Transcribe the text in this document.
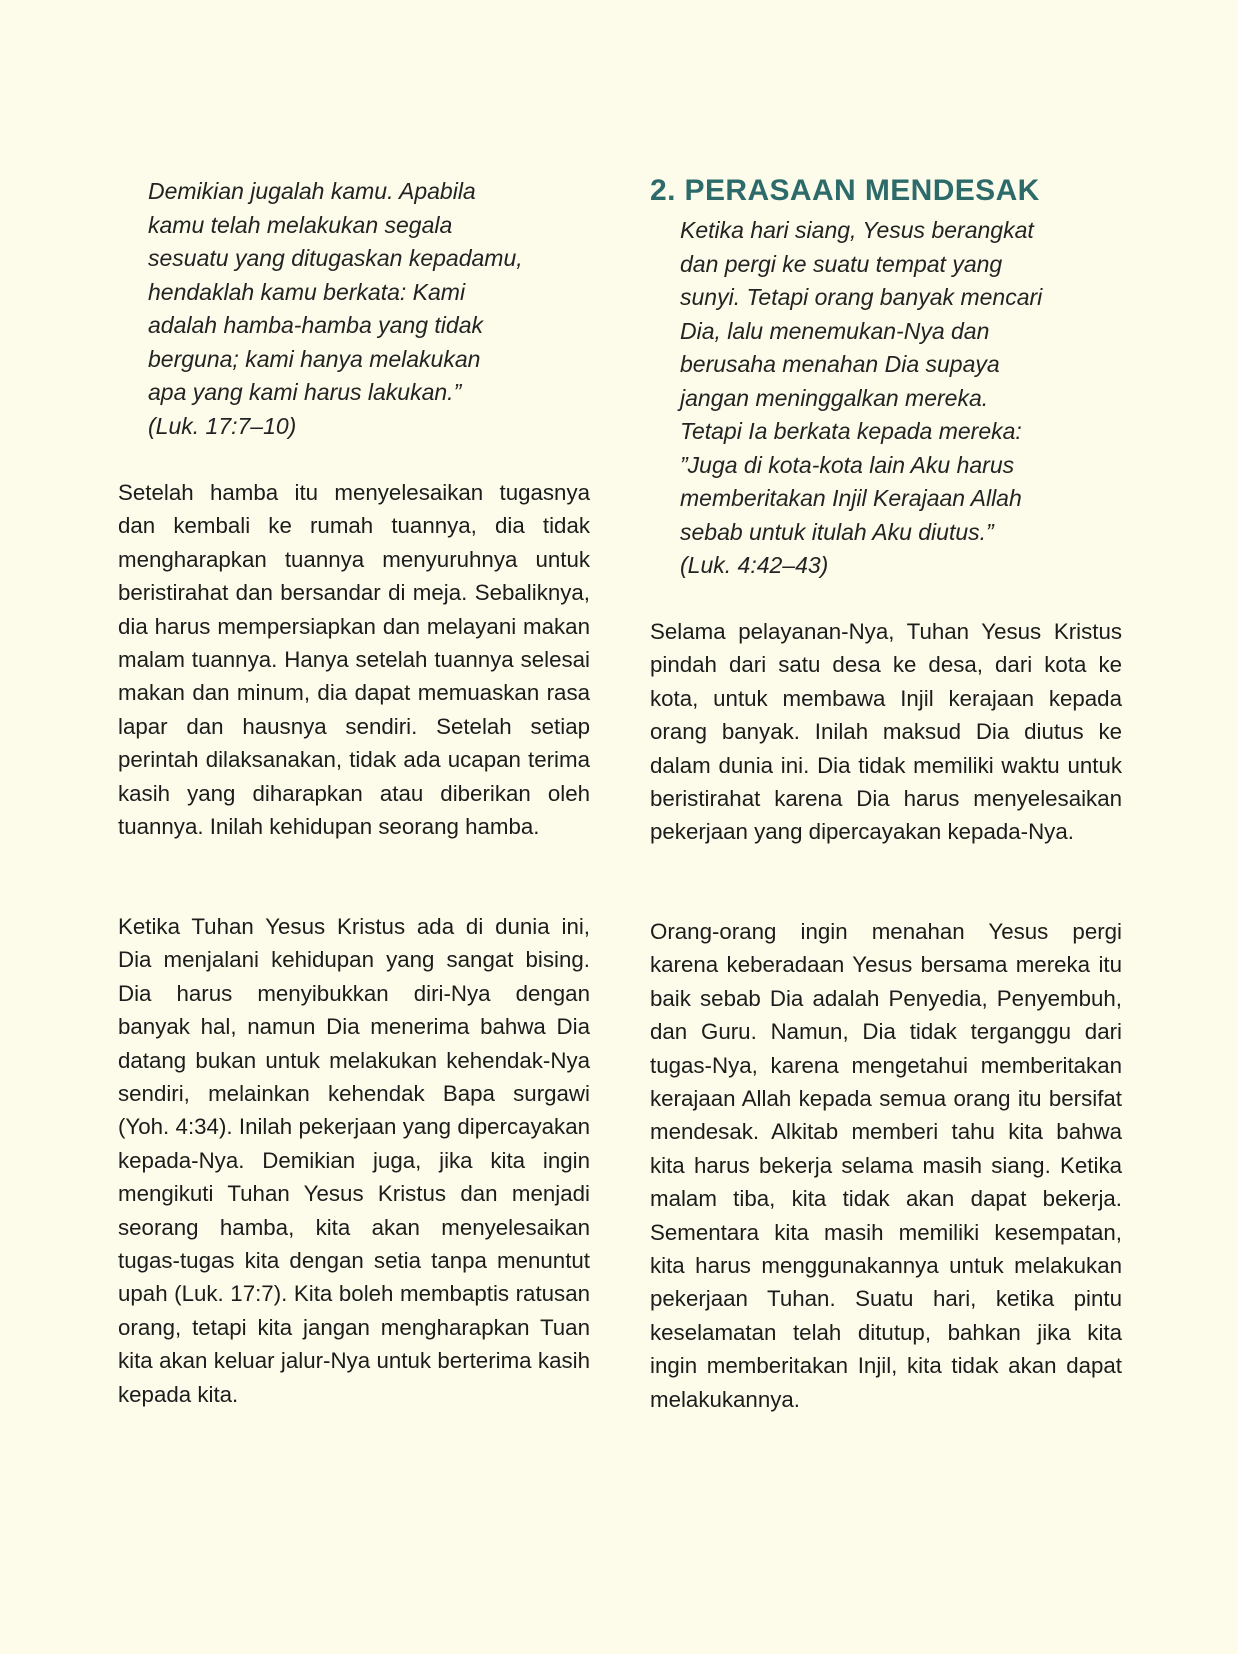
Demikian jugalah kamu. Apabila
kamu telah melakukan segala
sesuatu yang ditugaskan kepadamu,
hendaklah kamu berkata: Kami
adalah hamba-hamba yang tidak
berguna; kami hanya melakukan
apa yang kami harus lakukan.”
(Luk. 17:7–10)

Setelah hamba itu menyelesaikan tugasnya dan kembali ke rumah tuannya, dia tidak mengharapkan tuannya menyuruhnya untuk beristirahat dan bersandar di meja. Sebaliknya, dia harus mempersiapkan dan melayani makan malam tuannya. Hanya setelah tuannya selesai makan dan minum, dia dapat memuaskan rasa lapar dan hausnya sendiri. Setelah setiap perintah dilaksanakan, tidak ada ucapan terima kasih yang diharapkan atau diberikan oleh tuannya. Inilah kehidupan seorang hamba.

Ketika Tuhan Yesus Kristus ada di dunia ini, Dia menjalani kehidupan yang sangat bising. Dia harus menyibukkan diri-Nya dengan banyak hal, namun Dia menerima bahwa Dia datang bukan untuk melakukan kehendak-Nya sendiri, melainkan kehendak Bapa surgawi (Yoh. 4:34). Inilah pekerjaan yang dipercayakan kepada-Nya. Demikian juga, jika kita ingin mengikuti Tuhan Yesus Kristus dan menjadi seorang hamba, kita akan menyelesaikan tugas-tugas kita dengan setia tanpa menuntut upah (Luk. 17:7). Kita boleh membaptis ratusan orang, tetapi kita jangan mengharapkan Tuan kita akan keluar jalur-Nya untuk berterima kasih kepada kita.

2. PERASAAN MENDESAK
Ketika hari siang, Yesus berangkat
dan pergi ke suatu tempat yang
sunyi. Tetapi orang banyak mencari
Dia, lalu menemukan-Nya dan
berusaha menahan Dia supaya
jangan meninggalkan mereka.
Tetapi Ia berkata kepada mereka:
”Juga di kota-kota lain Aku harus
memberitakan Injil Kerajaan Allah
sebab untuk itulah Aku diutus.”
(Luk. 4:42–43)

Selama pelayanan-Nya, Tuhan Yesus Kristus pindah dari satu desa ke desa, dari kota ke kota, untuk membawa Injil kerajaan kepada orang banyak. Inilah maksud Dia diutus ke dalam dunia ini. Dia tidak memiliki waktu untuk beristirahat karena Dia harus menyelesaikan pekerjaan yang dipercayakan kepada-Nya.

Orang-orang ingin menahan Yesus pergi karena keberadaan Yesus bersama mereka itu baik sebab Dia adalah Penyedia, Penyembuh, dan Guru. Namun, Dia tidak terganggu dari tugas-Nya, karena mengetahui memberitakan kerajaan Allah kepada semua orang itu bersifat mendesak. Alkitab memberi tahu kita bahwa kita harus bekerja selama masih siang. Ketika malam tiba, kita tidak akan dapat bekerja. Sementara kita masih memiliki kesempatan, kita harus menggunakannya untuk melakukan pekerjaan Tuhan. Suatu hari, ketika pintu keselamatan telah ditutup, bahkan jika kita ingin memberitakan Injil, kita tidak akan dapat melakukannya.
